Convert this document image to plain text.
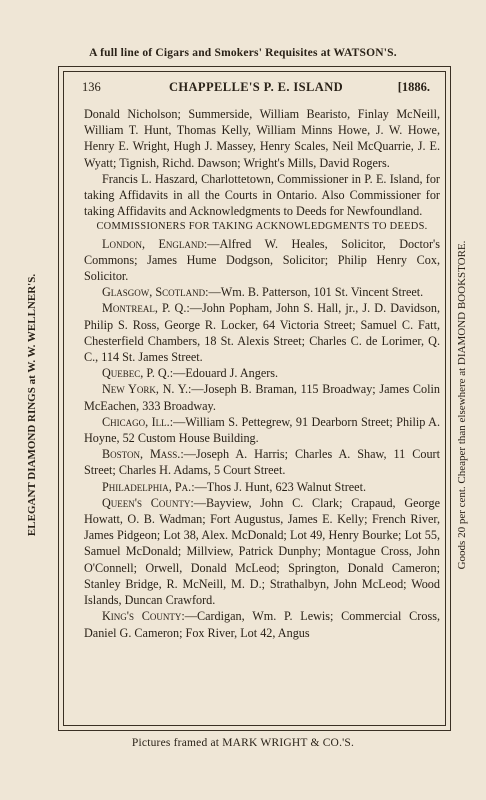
A full line of Cigars and Smokers' Requisites at WATSON'S.
ELEGANT DIAMOND RINGS at W. W. WELLNER'S.	Goods 20 per cent. Cheaper than elsewhere at DIAMOND BOOKSTORE.
136	CHAPPELLE'S P. E. ISLAND	[1886.

Donald Nicholson; Summerside, William Bearisto, Finlay McNeill, William T. Hunt, Thomas Kelly, William Minns Howe, J. W. Howe, Henry E. Wright, Hugh J. Massey, Henry Scales, Neil McQuarrie, J. E. Wyatt; Tignish, Richd. Dawson; Wright's Mills, David Rogers.

Francis L. Haszard, Charlottetown, Commissioner in P. E. Island, for taking Affidavits in all the Courts in Ontario. Also Commissioner for taking Affidavits and Acknowledgments to Deeds for Newfoundland.

COMMISSIONERS FOR TAKING ACKNOWLEDGMENTS TO DEEDS.

London, England:—Alfred W. Heales, Solicitor, Doctor's Commons; James Hume Dodgson, Solicitor; Philip Henry Cox, Solicitor.

Glasgow, Scotland:—Wm. B. Patterson, 101 St. Vincent Street.

Montreal, P. Q.:—John Popham, John S. Hall, jr., J. D. Davidson, Philip S. Ross, George R. Locker, 64 Victoria Street; Samuel C. Fatt, Chesterfield Chambers, 18 St. Alexis Street; Charles C. de Lorimer, Q. C., 114 St. James Street.

Quebec, P. Q.:—Edouard J. Angers.

New York, N. Y.:—Joseph B. Braman, 115 Broadway; James Colin McEachen, 333 Broadway.

Chicago, Ill.:—William S. Pettegrew, 91 Dearborn Street; Philip A. Hoyne, 52 Custom House Building.

Boston, Mass.:—Joseph A. Harris; Charles A. Shaw, 11 Court Street; Charles H. Adams, 5 Court Street.

Philadelphia, Pa.:—Thos J. Hunt, 623 Walnut Street.

Queen's County:—Bayview, John C. Clark; Crapaud, George Howatt, O. B. Wadman; Fort Augustus, James E. Kelly; French River, James Pidgeon; Lot 38, Alex. McDonald; Lot 49, Henry Bourke; Lot 55, Samuel McDonald; Millview, Patrick Dunphy; Montague Cross, John O'Connell; Orwell, Donald McLeod; Springton, Donald Cameron; Stanley Bridge, R. McNeill, M. D.; Strathalbyn, John McLeod; Wood Islands, Duncan Crawford.

King's County:—Cardigan, Wm. P. Lewis; Commercial Cross, Daniel G. Cameron; Fox River, Lot 42, Angus

Pictures framed at MARK WRIGHT & CO.'S.
